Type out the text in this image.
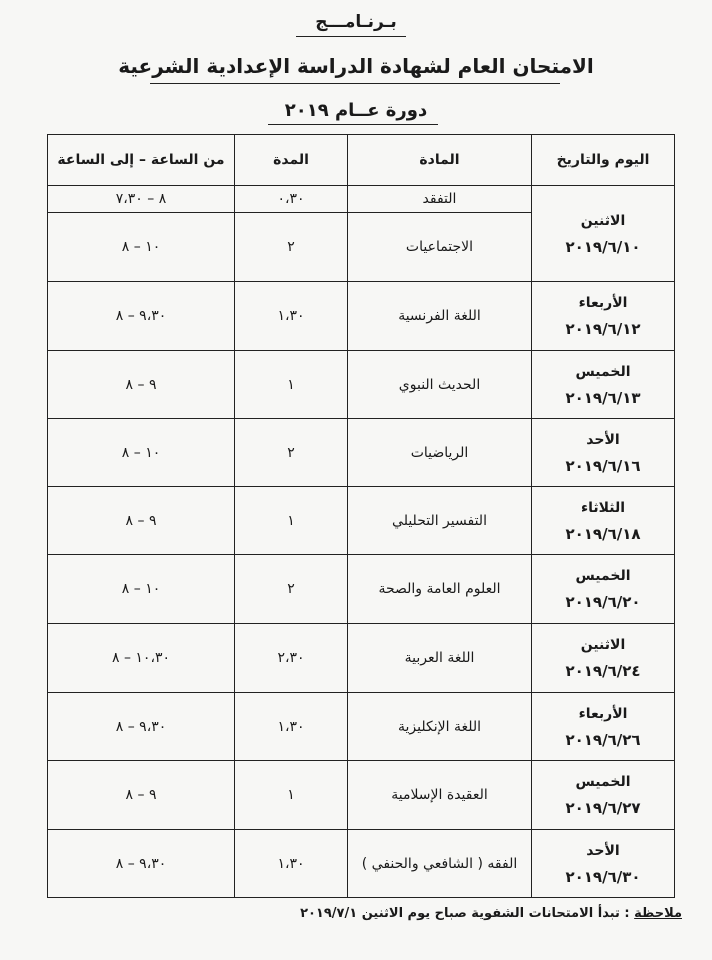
بـرنـامـــج
الامتحان العام لشهادة الدراسة الإعدادية الشرعية
دورة عــام ٢٠١٩
اليوم والتاريخ	المادة	المدة	من الساعة – إلى الساعة
الاثنين
٢٠١٩/٦/١٠	التفقد	٠،٣٠	٨ – ٧،٣٠
	الاجتماعيات	٢	١٠ – ٨
الأربعاء
٢٠١٩/٦/١٢	اللغة الفرنسية	١،٣٠	٩،٣٠ – ٨
الخميس
٢٠١٩/٦/١٣	الحديث النبوي	١	٩ – ٨
الأحد
٢٠١٩/٦/١٦	الرياضيات	٢	١٠ – ٨
الثلاثاء
٢٠١٩/٦/١٨	التفسير التحليلي	١	٩ – ٨
الخميس
٢٠١٩/٦/٢٠	العلوم العامة والصحة	٢	١٠ – ٨
الاثنين
٢٠١٩/٦/٢٤	اللغة العربية	٢،٣٠	١٠،٣٠ – ٨
الأربعاء
٢٠١٩/٦/٢٦	اللغة الإنكليزية	١،٣٠	٩،٣٠ – ٨
الخميس
٢٠١٩/٦/٢٧	العقيدة الإسلامية	١	٩ – ٨
الأحد
٢٠١٩/٦/٣٠	الفقه ( الشافعي والحنفي )	١،٣٠	٩،٣٠ – ٨
ملاحظة : تبدأ الامتحانات الشفوية صباح يوم الاثنين ٢٠١٩/٧/١
